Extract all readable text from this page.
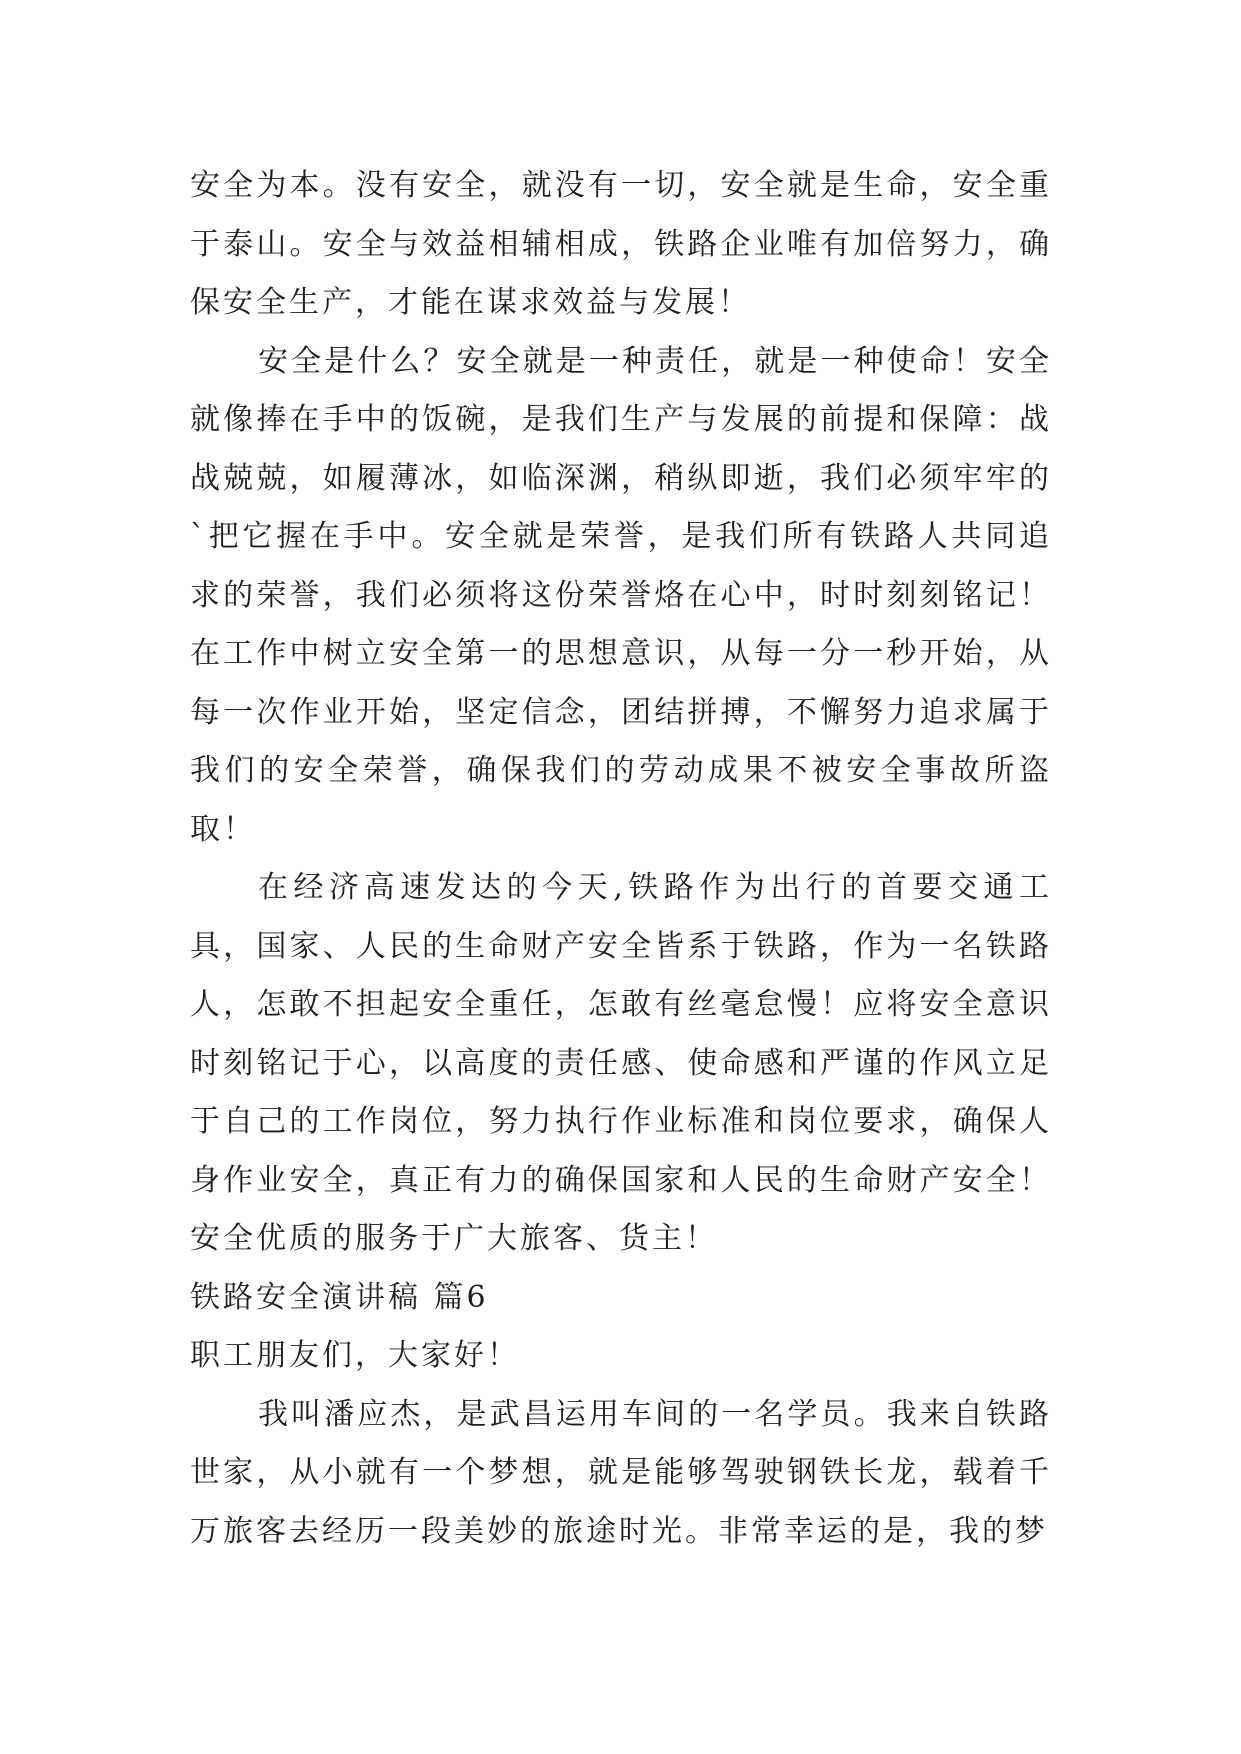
安全为本。没有安全，就没有一切，安全就是生命，安全重于泰山。安全与效益相辅相成，铁路企业唯有加倍努力，确保安全生产，才能在谋求效益与发展！

安全是什么？安全就是一种责任，就是一种使命！安全就像捧在手中的饭碗，是我们生产与发展的前提和保障：战战兢兢，如履薄冰，如临深渊，稍纵即逝，我们必须牢牢的`把它握在手中。安全就是荣誉，是我们所有铁路人共同追求的荣誉，我们必须将这份荣誉烙在心中，时时刻刻铭记！在工作中树立安全第一的思想意识，从每一分一秒开始，从每一次作业开始，坚定信念，团结拼搏，不懈努力追求属于我们的安全荣誉，确保我们的劳动成果不被安全事故所盗取！

在经济高速发达的今天,铁路作为出行的首要交通工具，国家、人民的生命财产安全皆系于铁路，作为一名铁路人，怎敢不担起安全重任，怎敢有丝毫怠慢！应将安全意识时刻铭记于心，以高度的责任感、使命感和严谨的作风立足于自己的工作岗位，努力执行作业标准和岗位要求，确保人身作业安全，真正有力的确保国家和人民的生命财产安全！安全优质的服务于广大旅客、货主！

铁路安全演讲稿 篇6

职工朋友们，大家好！

我叫潘应杰，是武昌运用车间的一名学员。我来自铁路世家，从小就有一个梦想，就是能够驾驶钢铁长龙，载着千万旅客去经历一段美妙的旅途时光。非常幸运的是，我的梦
